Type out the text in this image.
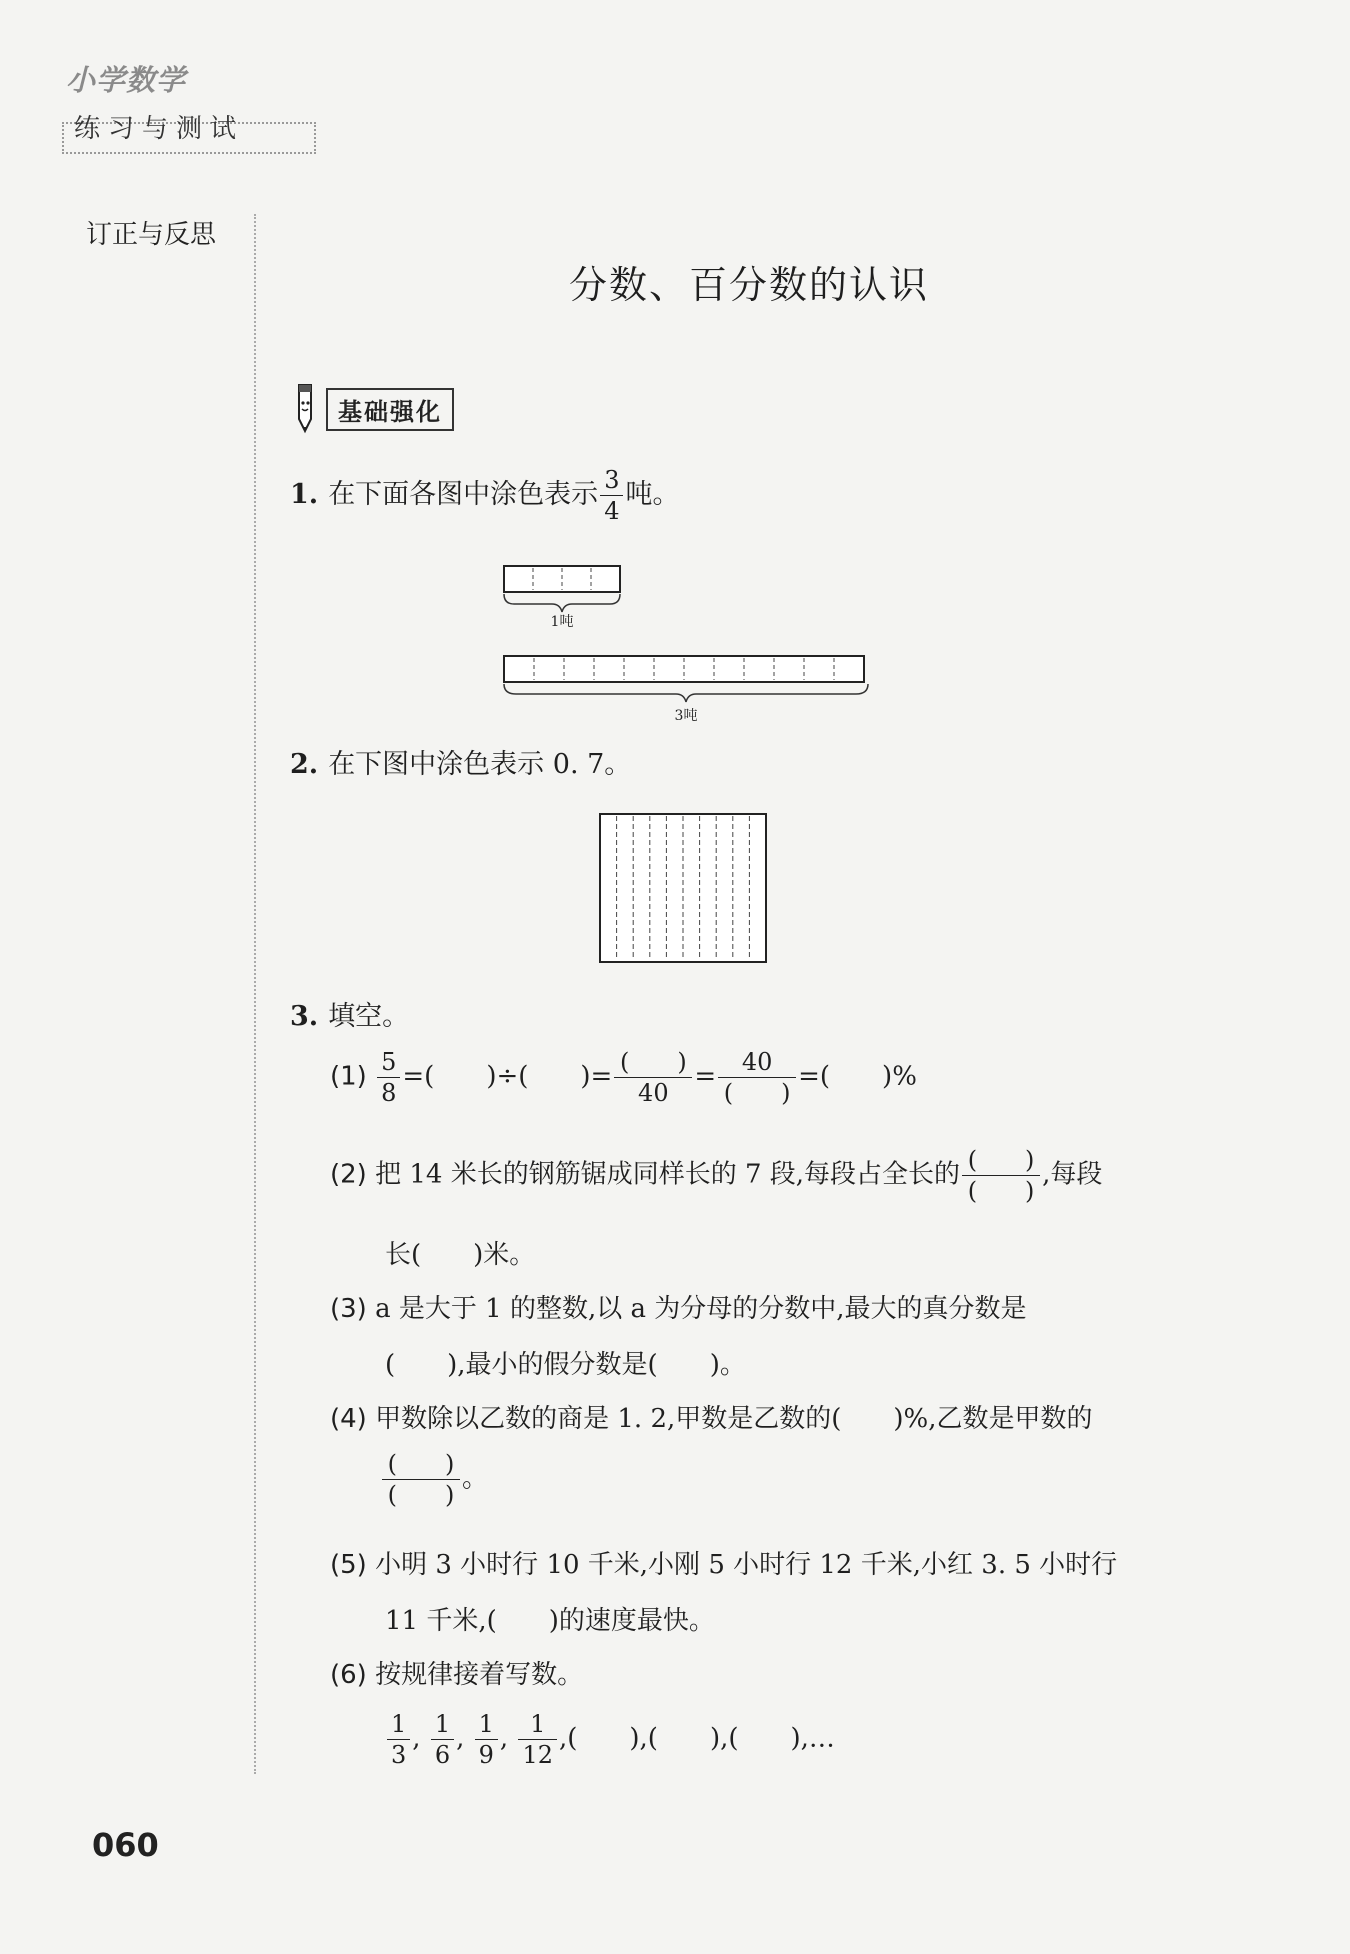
小学数学
练习与测试
订正与反思
分数、百分数的认识
基础强化
1. 在下面各图中涂色表示 $\frac{3}{4}$ 吨。
1吨
3吨
2. 在下图中涂色表示 0. 7。
3. 填空。
$(1) \frac{5}{8}$ =(　　)÷(　　)= $\frac{( )}{40} = \frac{40}{( )}$ =(　　)%
(2) 把 14 米长的钢筋锯成同样长的 7 段,每段占全长的 $\frac{( )}{( )}$ ,每段
长(　　)米。
(3) a 是大于 1 的整数,以 a 为分母的分数中,最大的真分数是
(　　),最小的假分数是(　　)。
(4) 甲数除以乙数的商是 1. 2,甲数是乙数的(　　)%,乙数是甲数的
$\frac{( )}{( )}$ 。
(5) 小明 3 小时行 10 千米,小刚 5 小时行 12 千米,小红 3. 5 小时行
11 千米,(　　)的速度最快。
(6) 按规律接着写数。
$\frac{1}{3}$ , $\frac{1}{6}$ , $\frac{1}{9}$ , $\frac{1}{12}$ ,(　　),(　　),(　　),…
060
